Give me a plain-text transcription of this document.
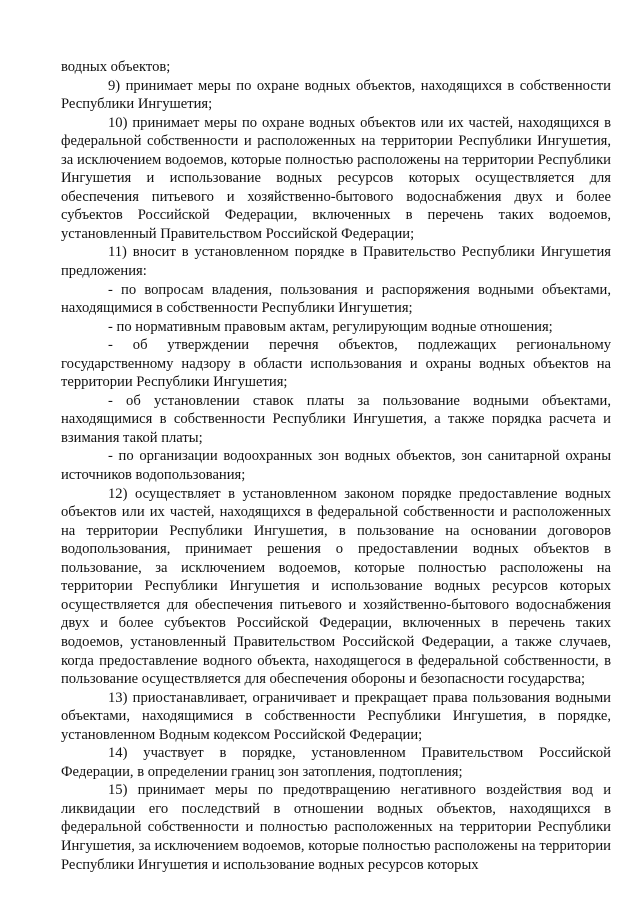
водных объектов;

9) принимает меры по охране водных объектов, находящихся в собственности Республики Ингушетия;

10) принимает меры по охране водных объектов или их частей, находящихся в федеральной собственности и расположенных на территории Республики Ингушетия, за исключением водоемов, которые полностью расположены на территории Республики Ингушетия и использование водных ресурсов которых осуществляется для обеспечения питьевого и хозяйственно-бытового водоснабжения двух и более субъектов Российской Федерации, включенных в перечень таких водоемов, установленный Правительством Российской Федерации;

11) вносит в установленном порядке в Правительство Республики Ингушетия предложения:

- по вопросам владения, пользования и распоряжения водными объектами, находящимися в собственности Республики Ингушетия;

- по нормативным правовым актам, регулирующим водные отношения;

- об утверждении перечня объектов, подлежащих региональному государственному надзору в области использования и охраны водных объектов на территории Республики Ингушетия;

- об установлении ставок платы за пользование водными объектами, находящимися в собственности Республики Ингушетия, а также порядка расчета и взимания такой платы;

- по организации водоохранных зон водных объектов, зон санитарной охраны источников водопользования;

12) осуществляет в установленном законом порядке предоставление водных объектов или их частей, находящихся в федеральной собственности и расположенных на территории Республики Ингушетия, в пользование на основании договоров водопользования, принимает решения о предоставлении водных объектов в пользование, за исключением водоемов, которые полностью расположены на территории Республики Ингушетия и использование водных ресурсов которых осуществляется для обеспечения питьевого и хозяйственно-бытового водоснабжения двух и более субъектов Российской Федерации, включенных в перечень таких водоемов, установленный Правительством Российской Федерации, а также случаев, когда предоставление водного объекта, находящегося в федеральной собственности, в пользование осуществляется для обеспечения обороны и безопасности государства;

13) приостанавливает, ограничивает и прекращает права пользования водными объектами, находящимися в собственности Республики Ингушетия, в порядке, установленном Водным кодексом Российской Федерации;

14) участвует в порядке, установленном Правительством Российской Федерации, в определении границ зон затопления, подтопления;

15) принимает меры по предотвращению негативного воздействия вод и ликвидации его последствий в отношении водных объектов, находящихся в федеральной собственности и полностью расположенных на территории Республики Ингушетия, за исключением водоемов, которые полностью расположены на территории Республики Ингушетия и использование водных ресурсов которых
